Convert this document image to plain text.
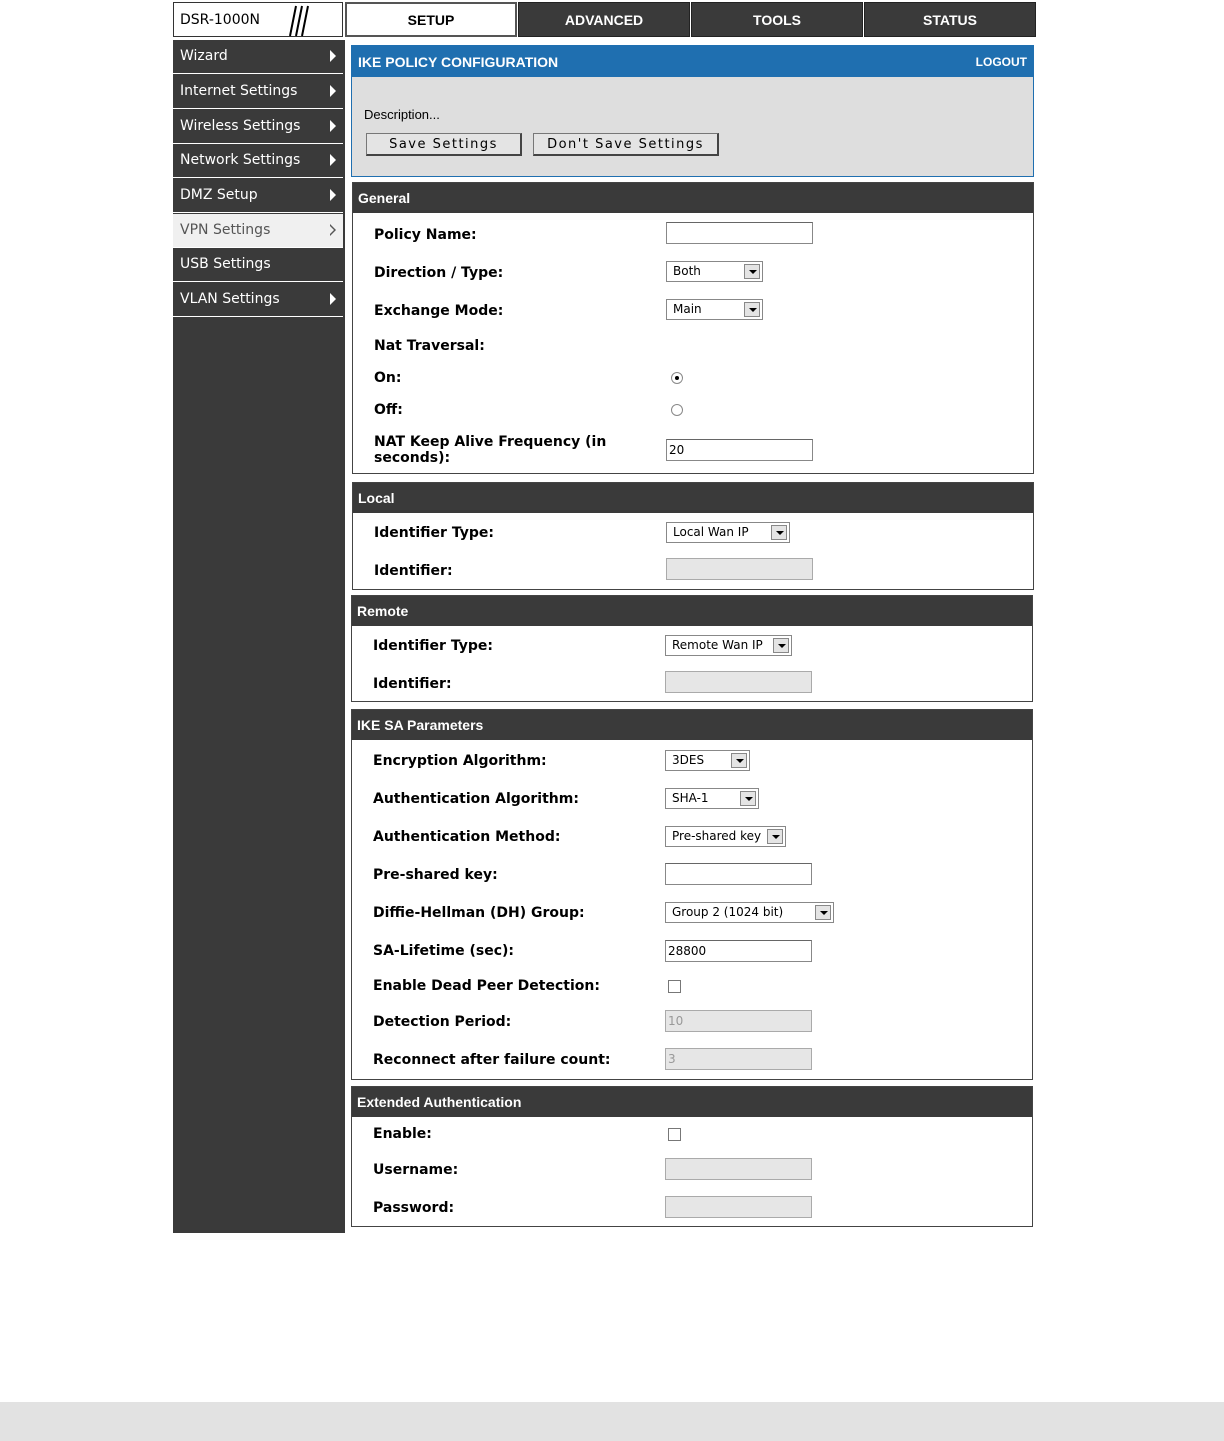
DSR-1000N	SETUP	ADVANCED	TOOLS	STATUS
Wizard
Internet Settings
Wireless Settings
Network Settings
DMZ Setup
VPN Settings
USB Settings
VLAN Settings
IKE POLICY CONFIGURATION	LOGOUT
Description...
Save Settings	Don't Save Settings
General
Policy Name:
Direction / Type:	Both
Exchange Mode:	Main
Nat Traversal:
On:
Off:
NAT Keep Alive Frequency (in
seconds):	20
Local
Identifier Type:	Local Wan IP
Identifier:
Remote
Identifier Type:	Remote Wan IP
Identifier:
IKE SA Parameters
Encryption Algorithm:	3DES
Authentication Algorithm:	SHA-1
Authentication Method:	Pre-shared key
Pre-shared key:
Diffie-Hellman (DH) Group:	Group 2 (1024 bit)
SA-Lifetime (sec):	28800
Enable Dead Peer Detection:
Detection Period:	10
Reconnect after failure count:	3
Extended Authentication
Enable:
Username:
Password:
